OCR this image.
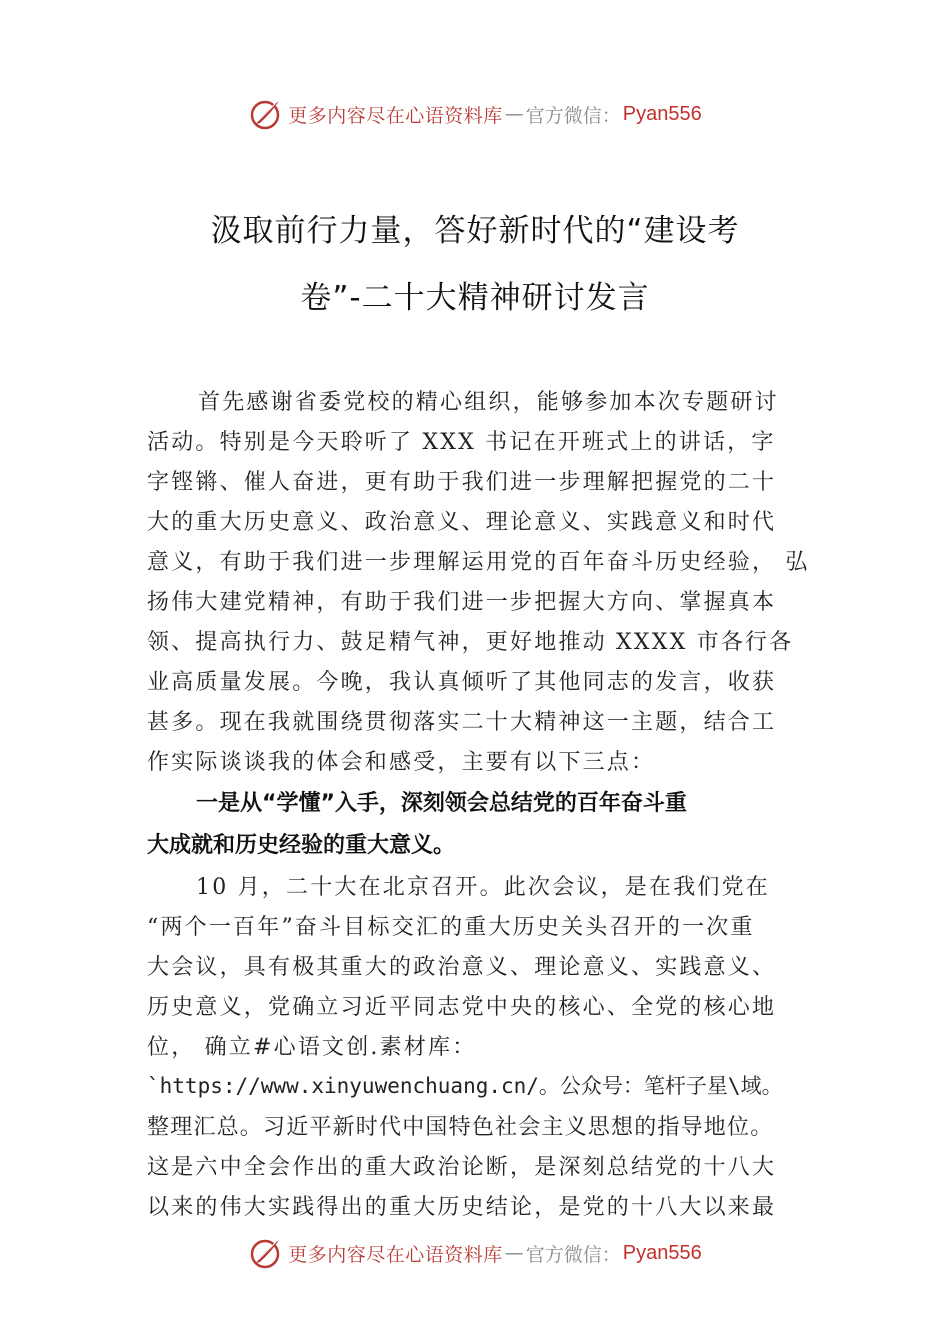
更多内容尽在心语资料库 — 官方微信： Pyan556
汲取前行力量，答好新时代的“建设考
卷”-二十大精神研讨发言
首先感谢省委党校的精心组织，能够参加本次专题研讨
活动。特别是今天聆听了 XXX 书记在开班式上的讲话，字
字铿锵、催人奋进，更有助于我们进一步理解把握党的二十
大的重大历史意义、政治意义、理论意义、实践意义和时代
意义，有助于我们进一步理解运用党的百年奋斗历史经验， 弘
扬伟大建党精神，有助于我们进一步把握大方向、掌握真本
领、提高执行力、鼓足精气神，更好地推动 XXXX 市各行各
业高质量发展。今晚，我认真倾听了其他同志的发言，收获
甚多。现在我就围绕贯彻落实二十大精神这一主题，结合工
作实际谈谈我的体会和感受，主要有以下三点：
一是从“学懂”入手，深刻领会总结党的百年奋斗重
大成就和历史经验的重大意义。
10 月，二十大在北京召开。此次会议，是在我们党在
“两个一百年”奋斗目标交汇的重大历史关头召开的一次重
大会议，具有极其重大的政治意义、理论意义、实践意义、
历史意义，党确立习近平同志党中央的核心、全党的核心地
位， 确立#心语文创.素材库：
`https://www.xinyuwenchuang.cn/。公众号：笔杆子星\域。
整理汇总。习近平新时代中国特色社会主义思想的指导地位。
这是六中全会作出的重大政治论断，是深刻总结党的十八大
以来的伟大实践得出的重大历史结论，是党的十八大以来最
更多内容尽在心语资料库 — 官方微信： Pyan556
